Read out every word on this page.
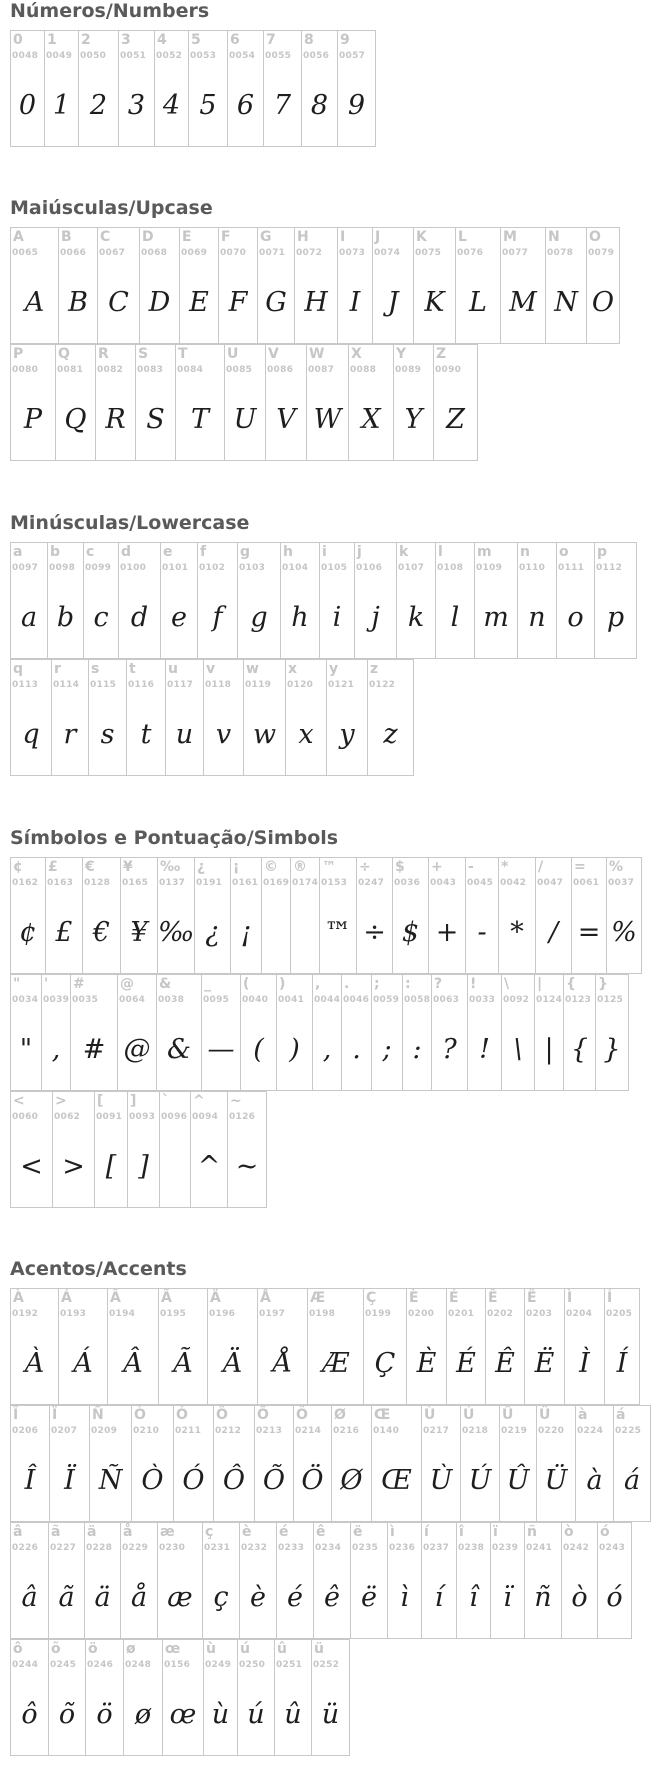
Números/Numbers
0
0048
0
1
0049
1
2
0050
2
3
0051
3
4
0052
4
5
0053
5
6
0054
6
7
0055
7
8
0056
8
9
0057
9
Maiúsculas/Upcase
A
0065
A
B
0066
B
C
0067
C
D
0068
D
E
0069
E
F
0070
F
G
0071
G
H
0072
H
I
0073
I
J
0074
J
K
0075
K
L
0076
L
M
0077
M
N
0078
N
O
0079
O
P
0080
P
Q
0081
Q
R
0082
R
S
0083
S
T
0084
T
U
0085
U
V
0086
V
W
0087
W
X
0088
X
Y
0089
Y
Z
0090
Z
Minúsculas/Lowercase
a
0097
a
b
0098
b
c
0099
c
d
0100
d
e
0101
e
f
0102
f
g
0103
g
h
0104
h
i
0105
i
j
0106
j
k
0107
k
l
0108
l
m
0109
m
n
0110
n
o
0111
o
p
0112
p
q
0113
q
r
0114
r
s
0115
s
t
0116
t
u
0117
u
v
0118
v
w
0119
w
x
0120
x
y
0121
y
z
0122
z
Símbolos e Pontuação/Simbols
¢
0162
¢
£
0163
£
€
0128
€
¥
0165
¥
‰
0137
‰
¿
0191
¿
¡
0161
¡
©
0169
®
0174
™
0153
™
÷
0247
÷
$
0036
$
+
0043
+
-
0045
-
*
0042
*
/
0047
/
=
0061
=
%
0037
%
"
0034
"
'
0039
,
#
0035
#
@
0064
@
&
0038
&
_
0095
—
(
0040
(
)
0041
)
,
0044
,
.
0046
.
;
0059
;
:
0058
:
?
0063
?
!
0033
!
\
0092
\
|
0124
|
{
0123
{
}
0125
}
<
0060
<
>
0062
>
[
0091
[
]
0093
]
`
0096
^
0094
^
~
0126
~
Acentos/Accents
À
0192
À
Á
0193
Á
Â
0194
Â
Ã
0195
Ã
Ä
0196
Ä
Å
0197
Å
Æ
0198
Æ
Ç
0199
Ç
È
0200
È
É
0201
É
Ê
0202
Ê
Ë
0203
Ë
Ì
0204
Ì
Í
0205
Í
Î
0206
Î
Ï
0207
Ï
Ñ
0209
Ñ
Ò
0210
Ò
Ó
0211
Ó
Ô
0212
Ô
Õ
0213
Õ
Ö
0214
Ö
Ø
0216
Ø
Œ
0140
Œ
Ù
0217
Ù
Ú
0218
Ú
Û
0219
Û
Ü
0220
Ü
à
0224
à
á
0225
á
â
0226
â
ã
0227
ã
ä
0228
ä
å
0229
å
æ
0230
æ
ç
0231
ç
è
0232
è
é
0233
é
ê
0234
ê
ë
0235
ë
ì
0236
ì
í
0237
í
î
0238
î
ï
0239
ï
ñ
0241
ñ
ò
0242
ò
ó
0243
ó
ô
0244
ô
õ
0245
õ
ö
0246
ö
ø
0248
ø
œ
0156
œ
ù
0249
ù
ú
0250
ú
û
0251
û
ü
0252
ü
